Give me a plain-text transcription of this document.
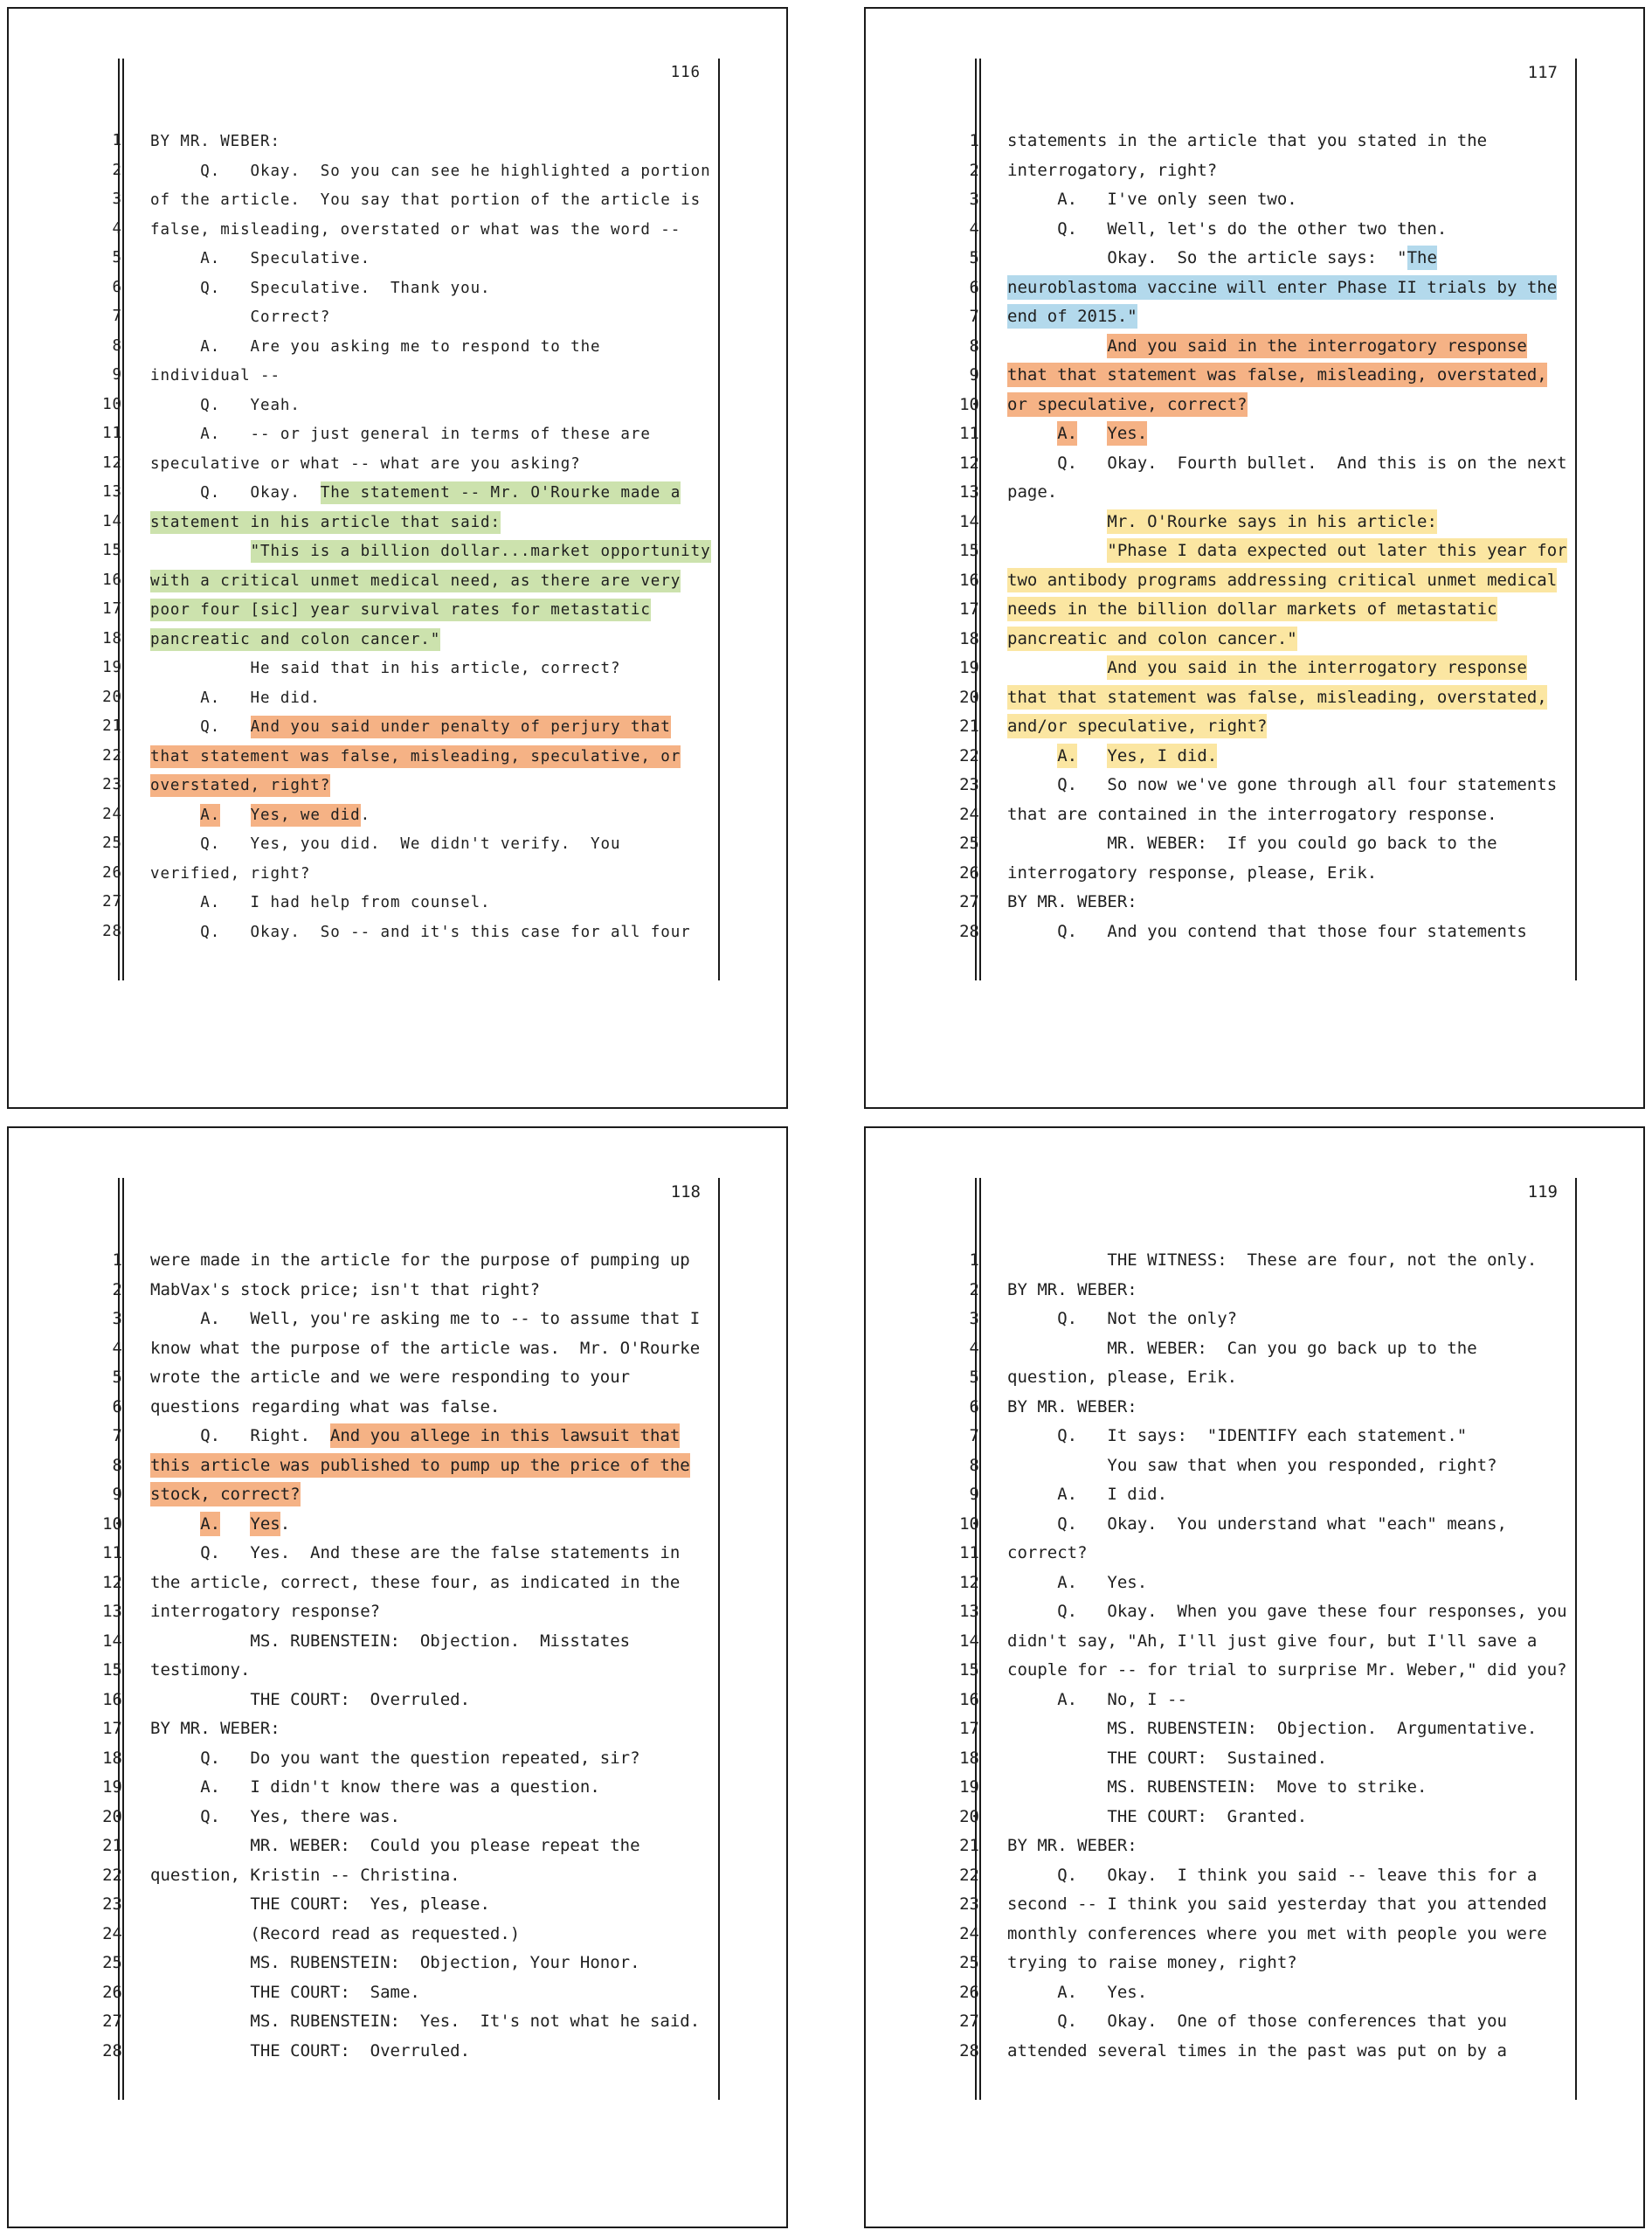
116
1 BY MR. WEBER:
2     Q.   Okay.  So you can see he highlighted a portion
3 of the article.  You say that portion of the article is
4 false, misleading, overstated or what was the word --
5     A.   Speculative.
6     Q.   Speculative.  Thank you.
7          Correct?
8     A.   Are you asking me to respond to the
9 individual --
10     Q.   Yeah.
11     A.   -- or just general in terms of these are
12 speculative or what -- what are you asking?
13     Q.   Okay.  The statement -- Mr. O'Rourke made a
14 statement in his article that said:
15	"This is a billion dollar...market opportunity
16 with a critical unmet medical need, as there are very
17 poor four [sic] year survival rates for metastatic
18 pancreatic and colon cancer."
19          He said that in his article, correct?
20     A.   He did.
21     Q.   And you said under penalty of perjury that
22 that statement was false, misleading, speculative, or
23 overstated, right?
24	A. Yes, we did.
25     Q.   Yes, you did.  We didn't verify.  You
26 verified, right?
27     A.   I had help from counsel.
28     Q.   Okay.  So -- and it's this case for all four
117
1 statements in the article that you stated in the
2 interrogatory, right?
3     A.   I've only seen two.
4     Q.   Well, let's do the other two then.
5          Okay.  So the article says:  "The
6 neuroblastoma vaccine will enter Phase II trials by the
7 end of 2015."
8	And you said in the interrogatory response
9 that that statement was false, misleading, overstated,
10 or speculative, correct?
11	A. Yes.
12     Q.   Okay.  Fourth bullet.  And this is on the next
13 page.
14	Mr. O'Rourke says in his article:
15	"Phase I data expected out later this year for
16 two antibody programs addressing critical unmet medical
17 needs in the billion dollar markets of metastatic
18 pancreatic and colon cancer."
19	And you said in the interrogatory response
20 that that statement was false, misleading, overstated,
21 and/or speculative, right?
22	A. Yes, I did.
23     Q.   So now we've gone through all four statements
24 that are contained in the interrogatory response.
25          MR. WEBER:  If you could go back to the
26 interrogatory response, please, Erik.
27 BY MR. WEBER:
28     Q.   And you contend that those four statements
118
1 were made in the article for the purpose of pumping up
2 MabVax's stock price; isn't that right?
3     A.   Well, you're asking me to -- to assume that I
4 know what the purpose of the article was.  Mr. O'Rourke
5 wrote the article and we were responding to your
6 questions regarding what was false.
7     Q.   Right.  And you allege in this lawsuit that
8 this article was published to pump up the price of the
9 stock, correct?
10	A. Yes.
11     Q.   Yes.  And these are the false statements in
12 the article, correct, these four, as indicated in the
13 interrogatory response?
14          MS. RUBENSTEIN:  Objection.  Misstates
15 testimony.
16          THE COURT:  Overruled.
17 BY MR. WEBER:
18     Q.   Do you want the question repeated, sir?
19     A.   I didn't know there was a question.
20     Q.   Yes, there was.
21          MR. WEBER:  Could you please repeat the
22 question, Kristin -- Christina.
23          THE COURT:  Yes, please.
24          (Record read as requested.)
25          MS. RUBENSTEIN:  Objection, Your Honor.
26          THE COURT:  Same.
27          MS. RUBENSTEIN:  Yes.  It's not what he said.
28          THE COURT:  Overruled.
119
1          THE WITNESS:  These are four, not the only.
2 BY MR. WEBER:
3     Q.   Not the only?
4          MR. WEBER:  Can you go back up to the
5 question, please, Erik.
6 BY MR. WEBER:
7     Q.   It says:  "IDENTIFY each statement."
8          You saw that when you responded, right?
9     A.   I did.
10     Q.   Okay.  You understand what "each" means,
11 correct?
12     A.   Yes.
13     Q.   Okay.  When you gave these four responses, you
14 didn't say, "Ah, I'll just give four, but I'll save a
15 couple for -- for trial to surprise Mr. Weber," did you?
16     A.   No, I --
17          MS. RUBENSTEIN:  Objection.  Argumentative.
18          THE COURT:  Sustained.
19          MS. RUBENSTEIN:  Move to strike.
20          THE COURT:  Granted.
21 BY MR. WEBER:
22     Q.   Okay.  I think you said -- leave this for a
23 second -- I think you said yesterday that you attended
24 monthly conferences where you met with people you were
25 trying to raise money, right?
26     A.   Yes.
27     Q.   Okay.  One of those conferences that you
28 attended several times in the past was put on by a
